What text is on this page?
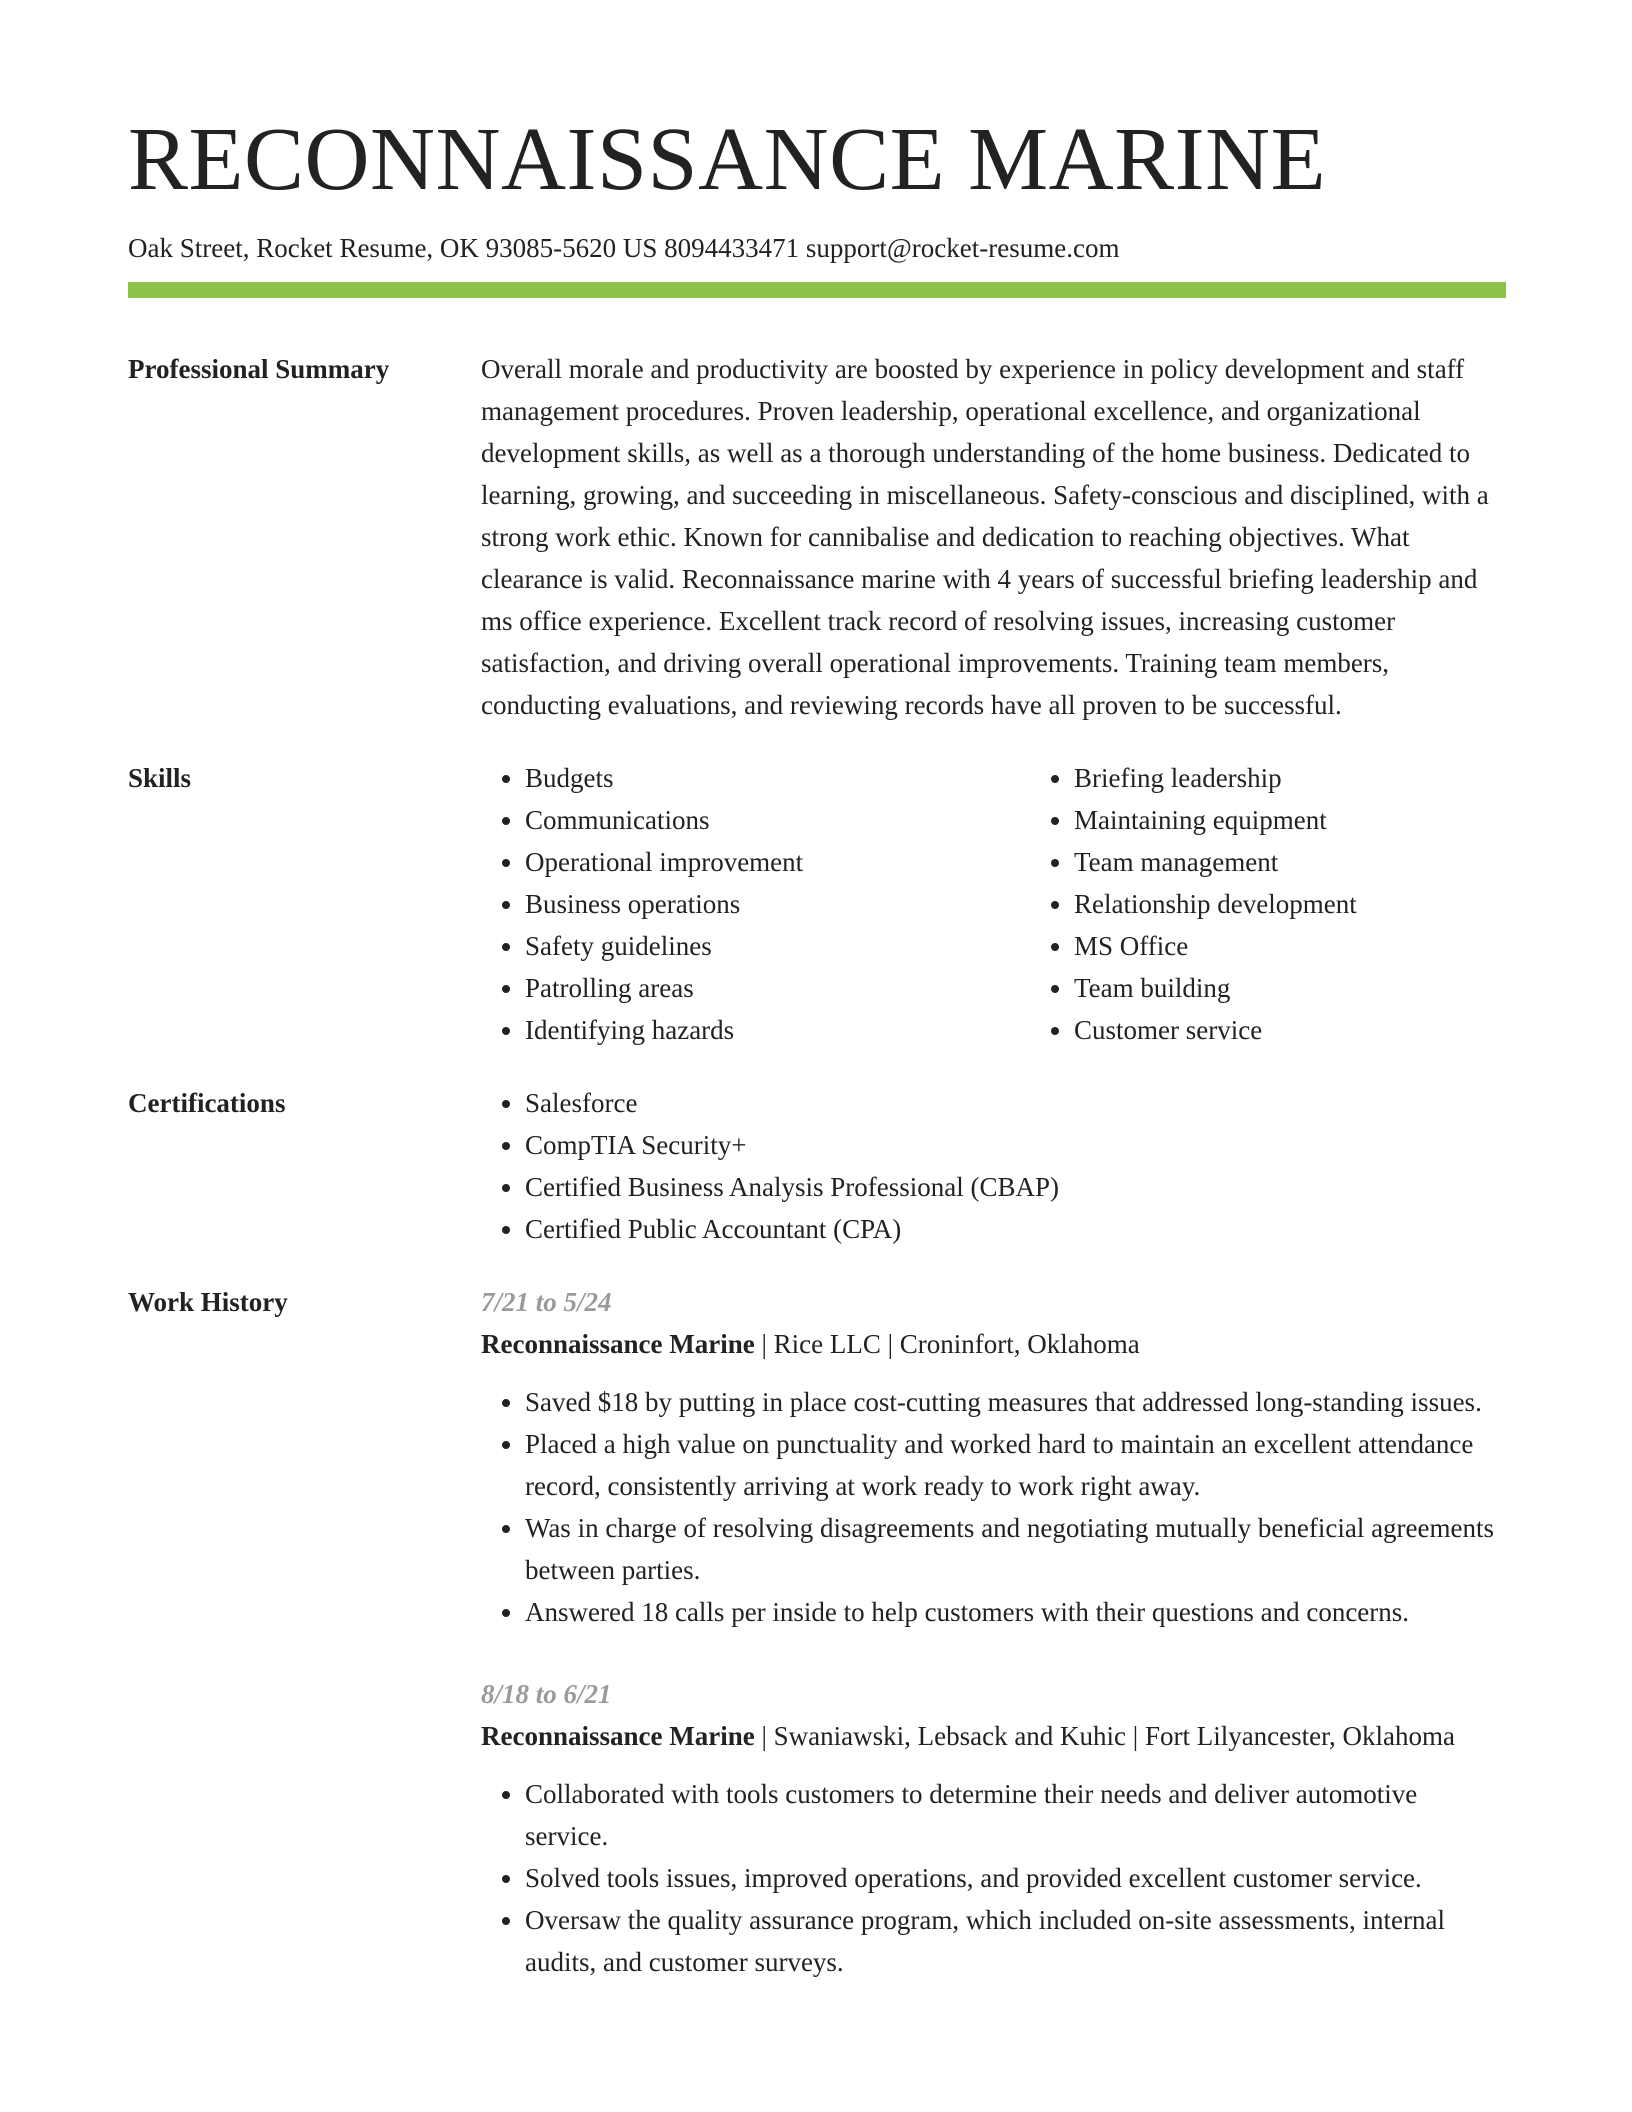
RECONNAISSANCE MARINE
Oak Street, Rocket Resume, OK 93085-5620 US 8094433471 support@rocket-resume.com
Professional Summary	Overall morale and productivity are boosted by experience in policy development and staff management procedures. Proven leadership, operational excellence, and organizational development skills, as well as a thorough understanding of the home business. Dedicated to learning, growing, and succeeding in miscellaneous. Safety-conscious and disciplined, with a strong work ethic. Known for cannibalise and dedication to reaching objectives. What clearance is valid. Reconnaissance marine with 4 years of successful briefing leadership and ms office experience. Excellent track record of resolving issues, increasing customer satisfaction, and driving overall operational improvements. Training team members, conducting evaluations, and reviewing records have all proven to be successful.

Skills	• Budgets
• Communications
• Operational improvement
• Business operations
• Safety guidelines
• Patrolling areas
• Identifying hazards
• Briefing leadership
• Maintaining equipment
• Team management
• Relationship development
• MS Office
• Team building
• Customer service
Certifications	• Salesforce
• CompTIA Security+
• Certified Business Analysis Professional (CBAP)
• Certified Public Accountant (CPA)
Work History	7/21 to 5/24
Reconnaissance Marine | Rice LLC | Croninfort, Oklahoma
• Saved $18 by putting in place cost-cutting measures that addressed long-standing issues.
• Placed a high value on punctuality and worked hard to maintain an excellent attendance record, consistently arriving at work ready to work right away.
• Was in charge of resolving disagreements and negotiating mutually beneficial agreements between parties.
• Answered 18 calls per inside to help customers with their questions and concerns.
8/18 to 6/21
Reconnaissance Marine | Swaniawski, Lebsack and Kuhic | Fort Lilyancester, Oklahoma
• Collaborated with tools customers to determine their needs and deliver automotive service.
• Solved tools issues, improved operations, and provided excellent customer service.
• Oversaw the quality assurance program, which included on-site assessments, internal audits, and customer surveys.
